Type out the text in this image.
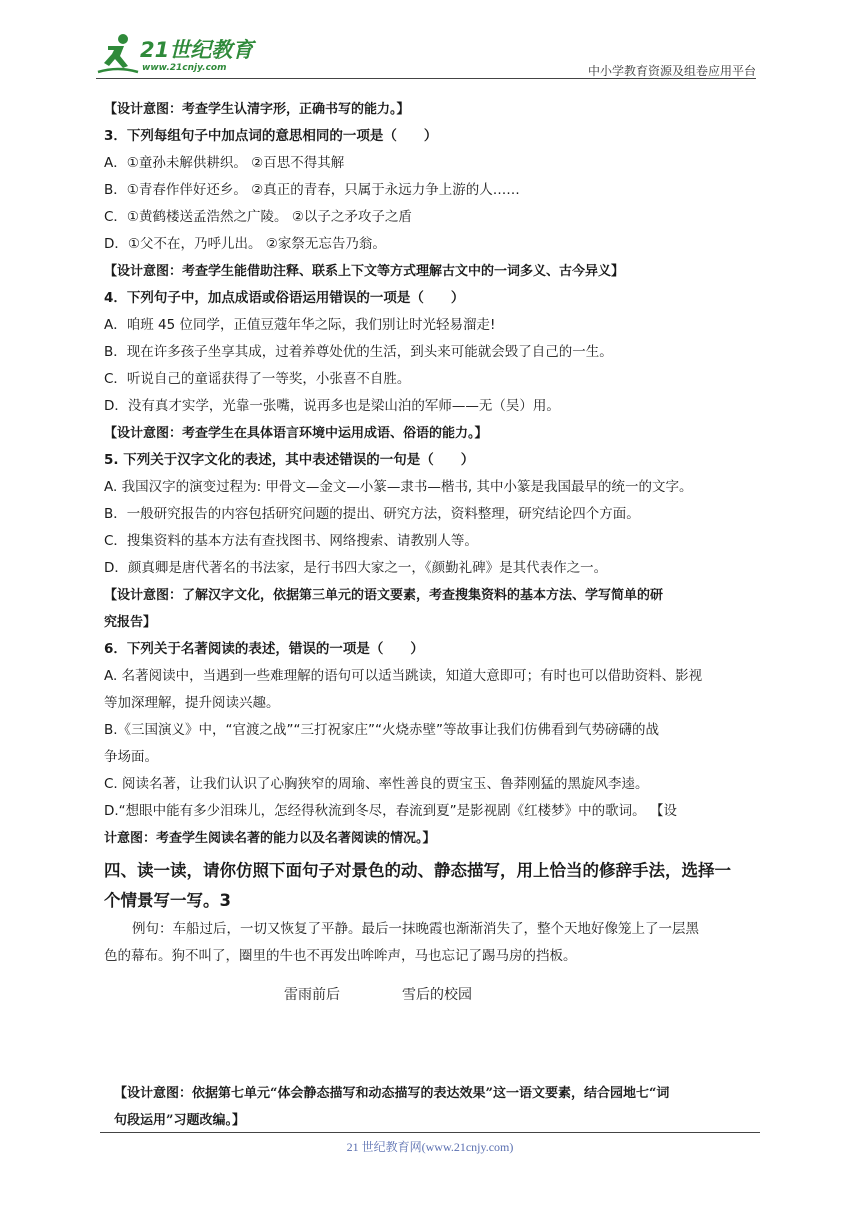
21世纪教育
www.21cnjy.com	中小学教育资源及组卷应用平台
【设计意图：考查学生认清字形，正确书写的能力。】
3．下列每组句子中加点词的意思相同的一项是（　　）
A．①童孙未解供耕织。 ②百思不得其解
B．①青春作伴好还乡。 ②真正的青春，只属于永远力争上游的人……
C．①黄鹤楼送孟浩然之广陵。 ②以子之矛攻子之盾
D．①父不在，乃呼儿出。 ②家祭无忘告乃翁。
【设计意图：考查学生能借助注释、联系上下文等方式理解古文中的一词多义、古今异义】
4．下列句子中，加点成语或俗语运用错误的一项是（　　）
A．咱班 45 位同学，正值豆蔻年华之际，我们别让时光轻易溜走!
B．现在许多孩子坐享其成，过着养尊处优的生活，到头来可能就会毁了自己的一生。
C．听说自己的童谣获得了一等奖，小张喜不自胜。
D．没有真才实学，光靠一张嘴，说再多也是梁山泊的军师——无（吴）用。
【设计意图：考查学生在具体语言环境中运用成语、俗语的能力。】
5. 下列关于汉字文化的表述，其中表述错误的一句是（　　）
A. 我国汉字的演变过程为: 甲骨文—金文—小篆—隶书—楷书, 其中小篆是我国最早的统一的文字。
B．一般研究报告的内容包括研究问题的提出、研究方法，资料整理，研究结论四个方面。
C．搜集资料的基本方法有查找图书、网络搜索、请教别人等。
D．颜真卿是唐代著名的书法家，是行书四大家之一，《颜勤礼碑》是其代表作之一。
【设计意图：了解汉字文化，依据第三单元的语文要素，考查搜集资料的基本方法、学写简单的研
究报告】
6．下列关于名著阅读的表述，错误的一项是（　　）
A. 名著阅读中，当遇到一些难理解的语句可以适当跳读，知道大意即可；有时也可以借助资料、影视
等加深理解，提升阅读兴趣。
B.《三国演义》中，“官渡之战”“三打祝家庄”“火烧赤壁”等故事让我们仿佛看到气势磅礴的战
争场面。
C. 阅读名著，让我们认识了心胸狭窄的周瑜、率性善良的贾宝玉、鲁莽刚猛的黑旋风李逵。
D.“想眼中能有多少泪珠儿，怎经得秋流到冬尽，春流到夏”是影视剧《红楼梦》中的歌词。 【设
计意图：考查学生阅读名著的能力以及名著阅读的情况。】
四、读一读，请你仿照下面句子对景色的动、静态描写，用上恰当的修辞手法，选择一
个情景写一写。3
例句：车船过后，一切又恢复了平静。最后一抹晚霞也渐渐消失了，整个天地好像笼上了一层黑
色的幕布。狗不叫了，圈里的牛也不再发出哞哞声，马也忘记了踢马房的挡板。
雷雨前后	雪后的校园
【设计意图：依据第七单元“体会静态描写和动态描写的表达效果”这一语文要素，结合园地七“词
句段运用”习题改编。】
21 世纪教育网(www.21cnjy.com)
